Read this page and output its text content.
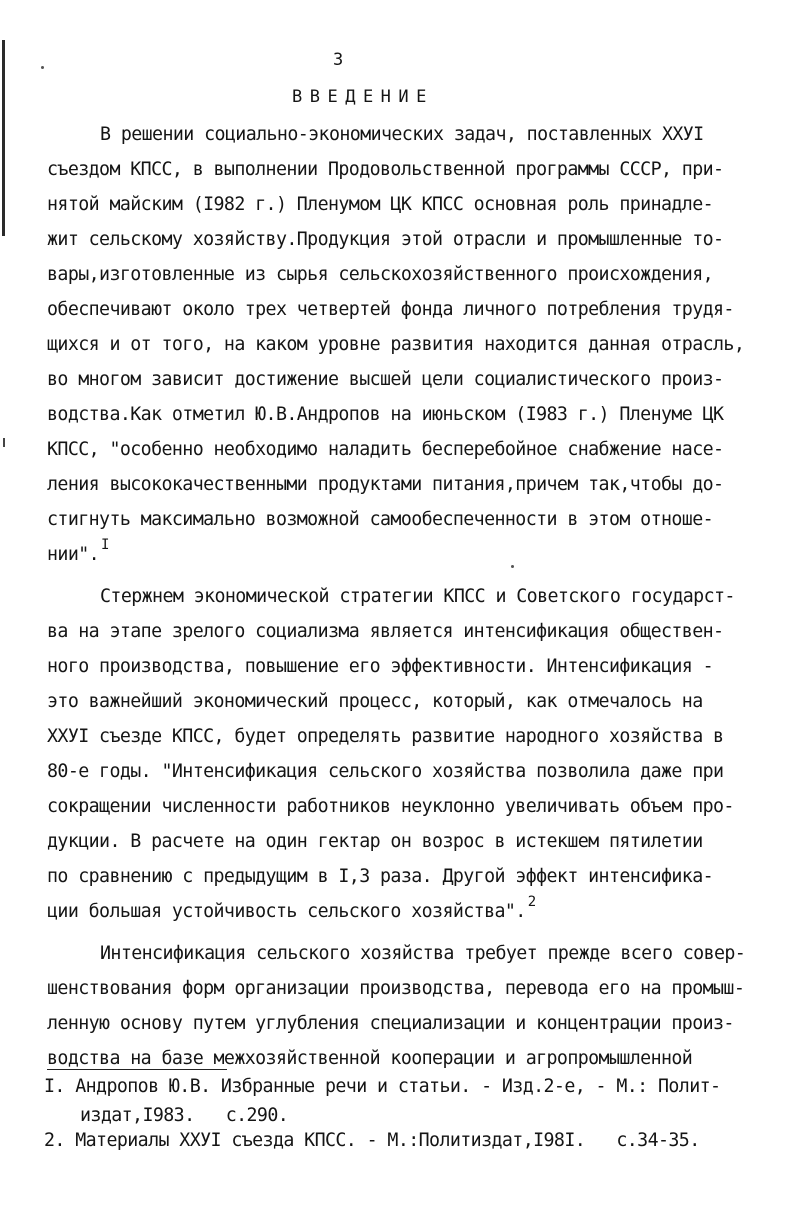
3
ВВЕДЕНИЕ
В решении социально-экономических задач, поставленных XXУI
съездом КПСС, в выполнении Продовольственной программы СССР, при-
нятой майским (I982 г.) Пленумом ЦК КПСС основная роль принадле-
жит сельскому хозяйству.Продукция этой отрасли и промышленные то-
вары,изготовленные из сырья сельскохозяйственного происхождения,
обеспечивают около трех четвертей фонда личного потребления трудя-
щихся и от того, на каком уровне развития находится данная отрасль,
во многом зависит достижение высшей цели социалистического произ-
водства.Как отметил Ю.В.Андропов на июньском (I983 г.) Пленуме ЦК
КПСС, "особенно необходимо наладить бесперебойное снабжение насе-
ления высококачественными продуктами питания,причем так,чтобы до-
стигнуть максимально возможной самообеспеченности в этом отноше-
нии". $^I$
Стержнем экономической стратегии КПСС и Советского государст-
ва на этапе зрелого социализма является интенсификация обществен-
ного производства, повышение его эффективности. Интенсификация -
это важнейший экономический процесс, который, как отмечалось на
XXУI съезде КПСС, будет определять развитие народного хозяйства в
80-е годы. "Интенсификация сельского хозяйства позволила даже при
сокращении численности работников неуклонно увеличивать объем про-
дукции. В расчете на один гектар он возрос в истекшем пятилетии
по сравнению с предыдущим в I,3 раза. Другой эффект интенсифика-
ции большая устойчивость сельского хозяйства". $^2$
Интенсификация сельского хозяйства требует прежде всего совер-
шенствования форм организации производства, перевода его на промыш-
ленную основу путем углубления специализации и концентрации произ-
водства на базе межхозяйственной кооперации и агропромышленной
I. Андропов Ю.В. Избранные речи и статьи. - Изд.2-е, - М.: Полит-
издат,I983.   с.290.
2. Материалы XXУI съезда КПСС. - М.:Политиздат,I98I.   с.34-35.
